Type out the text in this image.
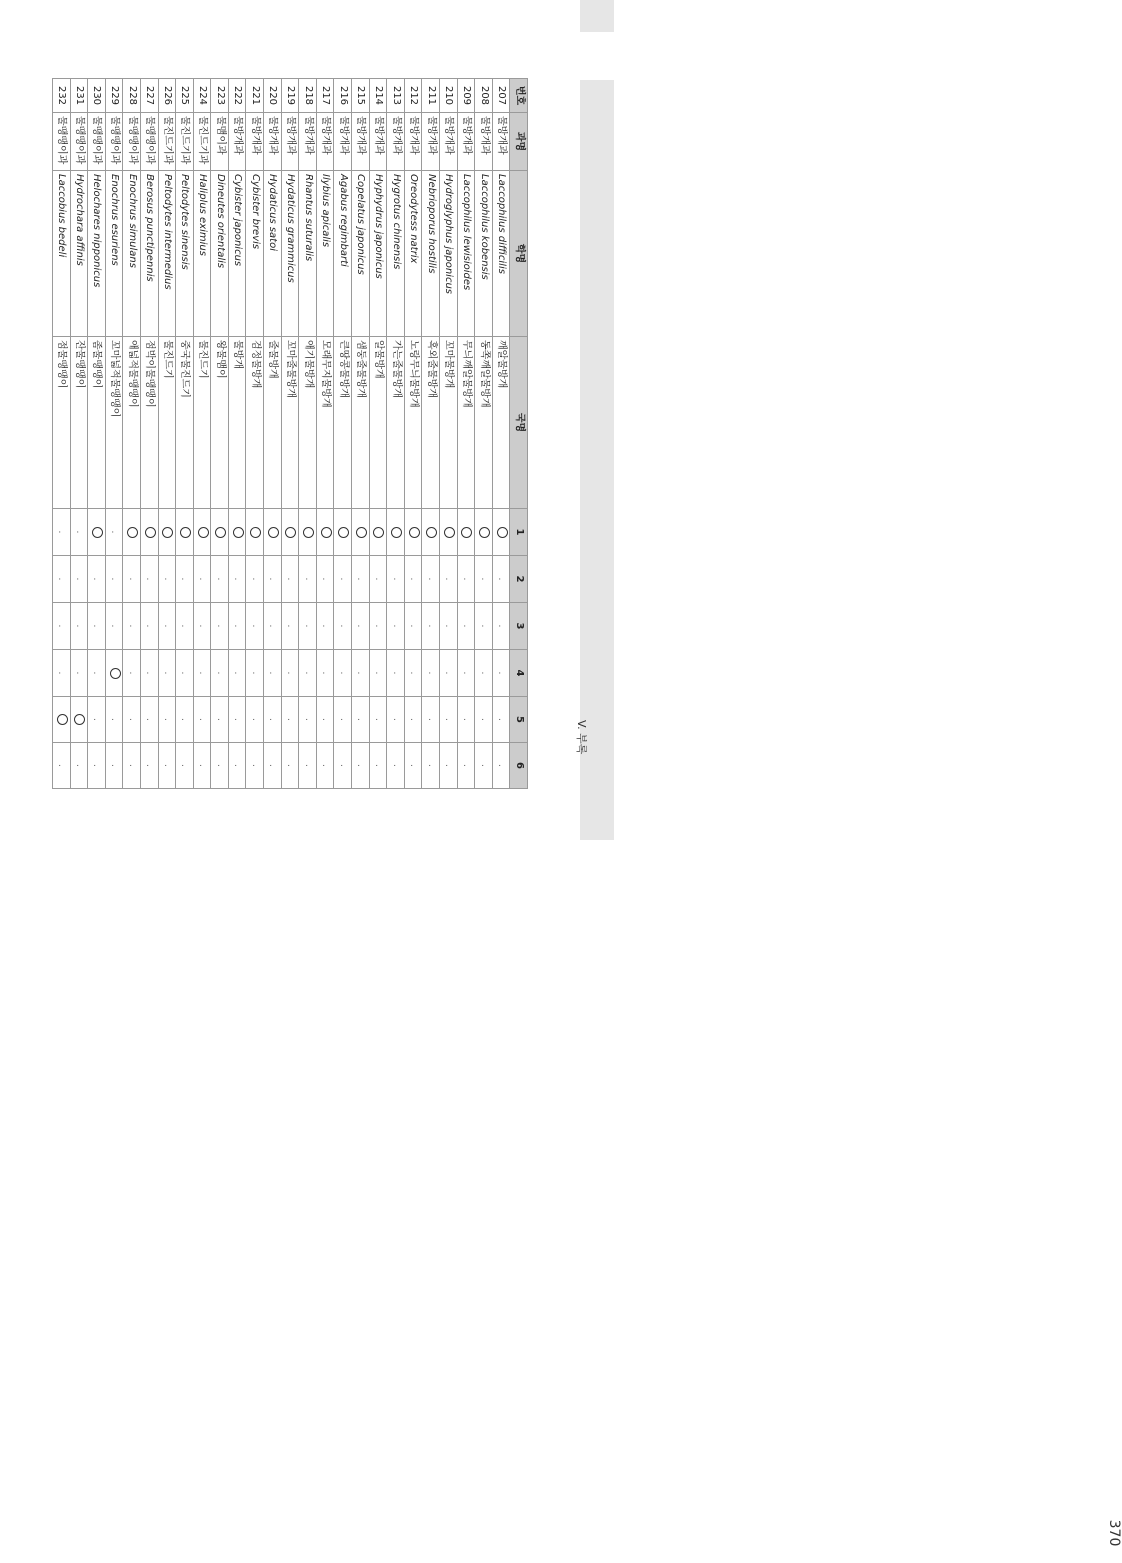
V. 부록
370
번호	과명	학명	국명	1	2	3	4	5	6
207	물방개과	Laccophilus difficilis	깨알물방개		.	.	.	.	.
208	물방개과	Laccophilus kobensis	동쪽깨알물방개		.	.	.	.	.
209	물방개과	Laccophilus lewisioides	무늬깨알물방개		.	.	.	.	.
210	물방개과	Hydroglyphus japonicus	꼬마물방개		.	.	.	.	.
211	물방개과	Nebrioporus hostilis	혹외줄물방개		.	.	.	.	.
212	물방개과	Oreodytess natrix	노랑무늬물방개		.	.	.	.	.
213	물방개과	Hygrotus chinensis	가는줄물방개		.	.	.	.	.
214	물방개과	Hyphydrus japonicus	알물방개		.	.	.	.	.
215	물방개과	Copelatus japonicus	샘둥줄물방개		.	.	.	.	.
216	물방개과	Agabus regimbarti	큰땅콩물방개		.	.	.	.	.
217	물방개과	Ilybius apicalis	모래무지물방개		.	.	.	.	.
218	물방개과	Rhantus suturalis	애기물방개		.	.	.	.	.
219	물방개과	Hydaticus grammicus	꼬마줄물방개		.	.	.	.	.
220	물방개과	Hydaticus satoi	줄물방개		.	.	.	.	.
221	물방개과	Cybister brevis	검정물방개		.	.	.	.	.
222	물방개과	Cybister japonicus	물방개		.	.	.	.	.
223	물맴이과	Dineutes orientalis	왕물맴이		.	.	.	.	.
224	물진드기과	Haliplus eximius	물진드기		.	.	.	.	.
225	물진드기과	Peltodytes sinensis	중국물진드기		.	.	.	.	.
226	물진드기과	Peltodytes intermedius	물진드기		.	.	.	.	.
227	물땡땡이과	Berosus punctipennis	점박이물땡땡이		.	.	.	.	.
228	물땡땡이과	Enochrus simulans	애넓적물땡땡이		.	.	.	.	.
229	물땡땡이과	Enochrus esuriens	꼬마넓적물땡땡이	.	.	.		.	.
230	물땡땡이과	Helochares nipponicus	좀물땡땡이		.	.	.	.	.
231	물땡땡이과	Hydrochara affinis	잔물땡땡이	.	.	.	.		.
232	물땡땡이과	Laccobius bedeli	점물땡땡이	.	.	.	.		.
